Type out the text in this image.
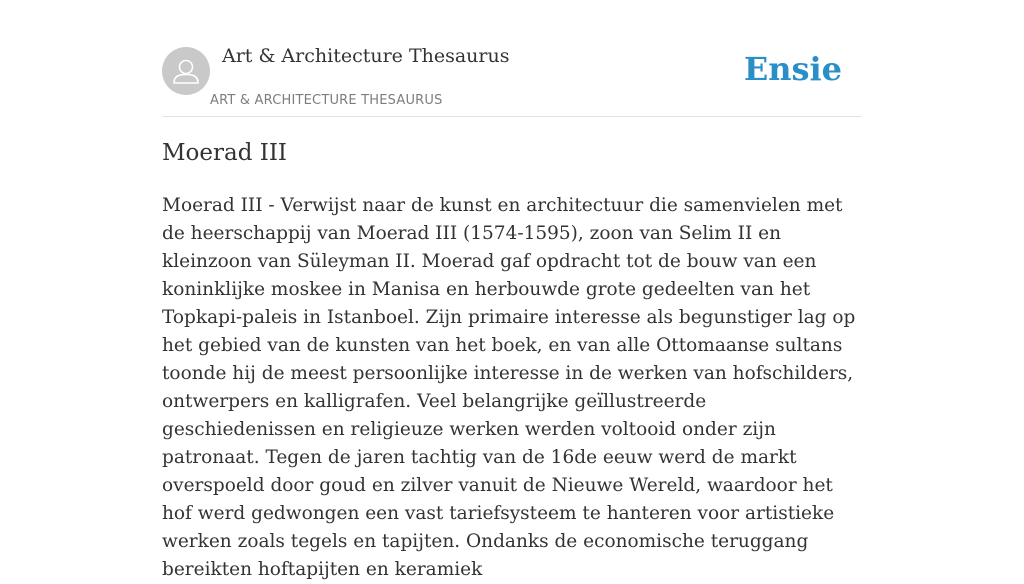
Art & Architecture Thesaurus
ART & ARCHITECTURE THESAURUS
Ensie
Moerad III

Moerad III - Verwijst naar de kunst en architectuur die samenvielen met de heerschappij van Moerad III (1574-1595), zoon van Selim II en kleinzoon van Süleyman II. Moerad gaf opdracht tot de bouw van een koninklijke moskee in Manisa en herbouwde grote gedeelten van het Topkapi-paleis in Istanboel. Zijn primaire interesse als begunstiger lag op het gebied van de kunsten van het boek, en van alle Ottomaanse sultans toonde hij de meest persoonlijke interesse in de werken van hofschilders, ontwerpers en kalligrafen. Veel belangrijke geïllustreerde geschiedenissen en religieuze werken werden voltooid onder zijn patronaat. Tegen de jaren tachtig van de 16de eeuw werd de markt overspoeld door goud en zilver vanuit de Nieuwe Wereld, waardoor het hof werd gedwongen een vast tariefsysteem te hanteren voor artistieke werken zoals tegels en tapijten. Ondanks de economische teruggang bereikten hoftapijten en keramiek
